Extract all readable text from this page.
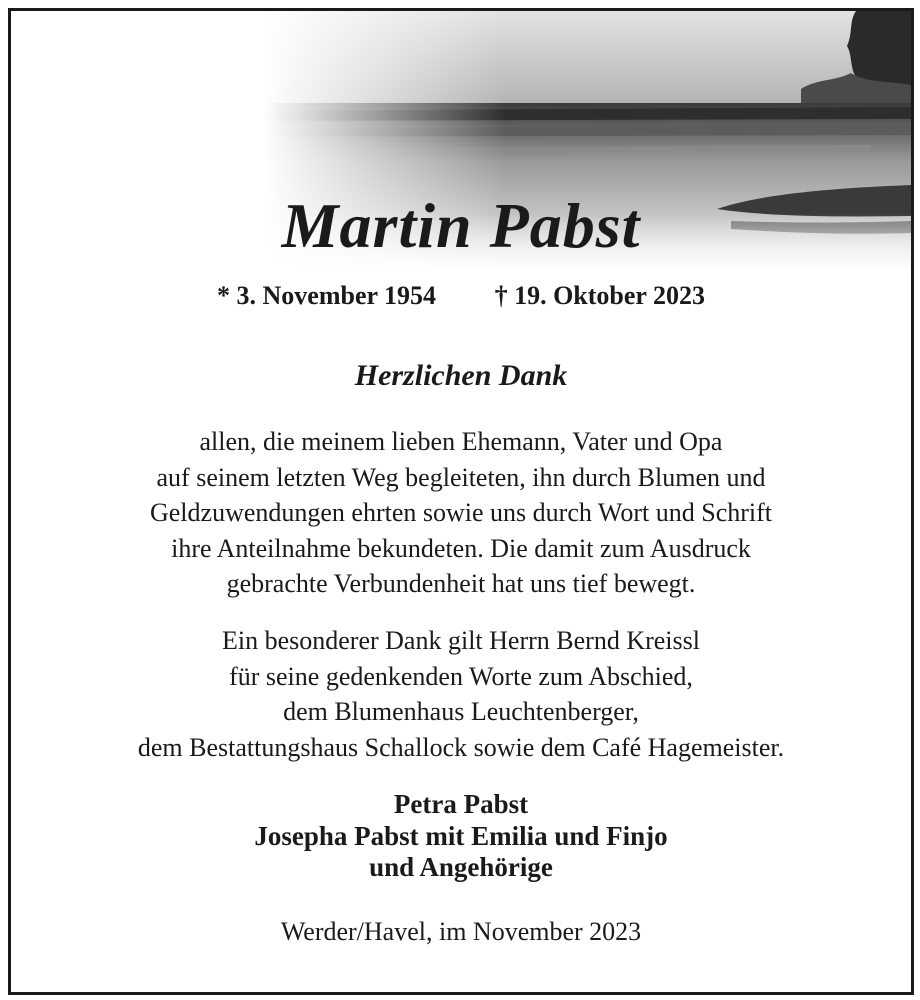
Martin Pabst
* 3. November 1954 † 19. Oktober 2023
Herzlichen Dank
allen, die meinem lieben Ehemann, Vater und Opa
auf seinem letzten Weg begleiteten, ihn durch Blumen und
Geldzuwendungen ehrten sowie uns durch Wort und Schrift
ihre Anteilnahme bekundeten. Die damit zum Ausdruck
gebrachte Verbundenheit hat uns tief bewegt.
Ein besonderer Dank gilt Herrn Bernd Kreissl
für seine gedenkenden Worte zum Abschied,
dem Blumenhaus Leuchtenberger,
dem Bestattungshaus Schallock sowie dem Café Hagemeister.
Petra Pabst
Josepha Pabst mit Emilia und Finjo
und Angehörige
Werder/Havel, im November 2023
